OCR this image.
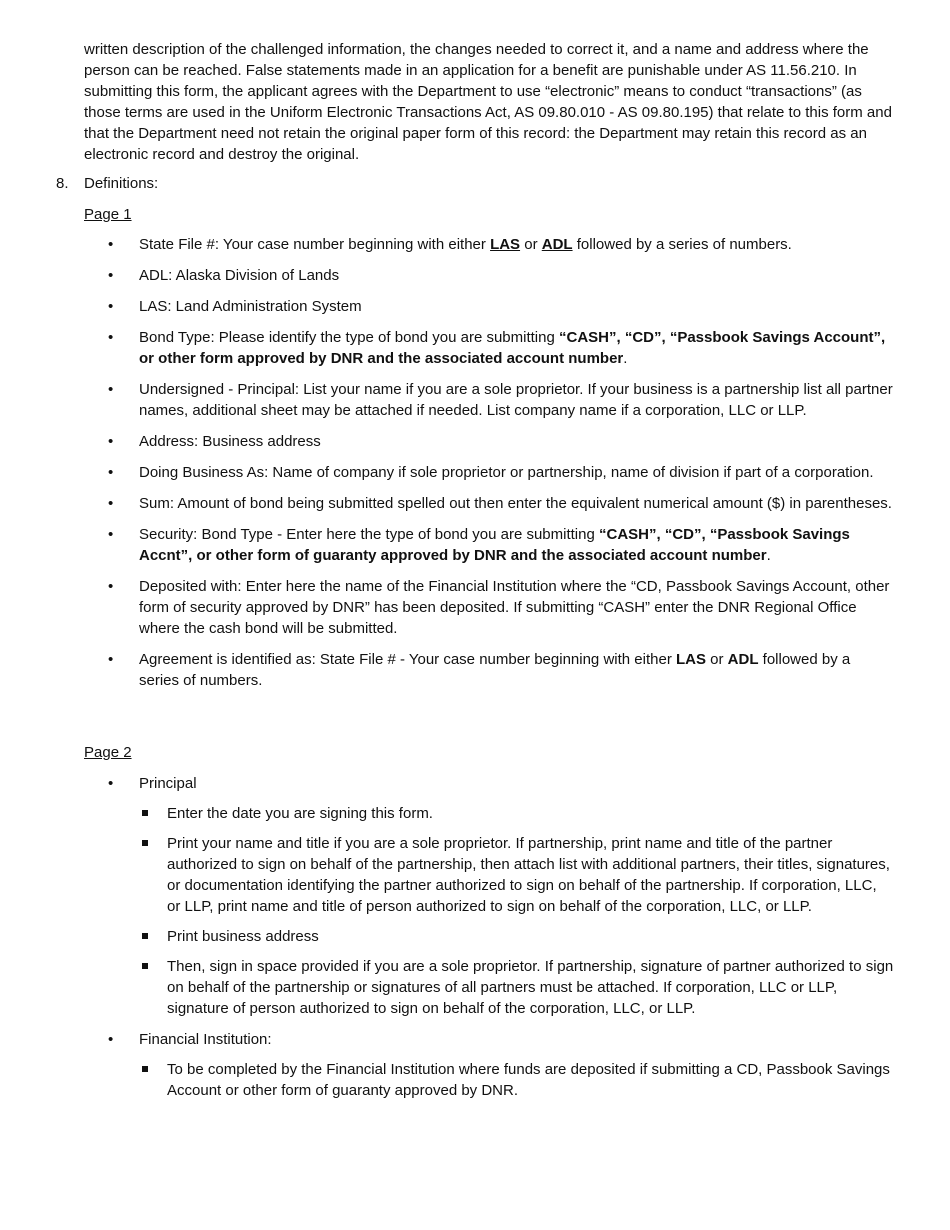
written description of the challenged information, the changes needed to correct it, and a name and address where the person can be reached. False statements made in an application for a benefit are punishable under AS 11.56.210. In submitting this form, the applicant agrees with the Department to use “electronic” means to conduct “transactions” (as those terms are used in the Uniform Electronic Transactions Act, AS 09.80.010 - AS 09.80.195) that relate to this form and that the Department need not retain the original paper form of this record: the Department may retain this record as an electronic record and destroy the original.

8. Definitions:

Page 1

•	State File #: Your case number beginning with either LAS or ADL followed by a series of numbers.
•	ADL: Alaska Division of Lands
•	LAS: Land Administration System
•	Bond Type: Please identify the type of bond you are submitting “CASH”, “CD”, “Passbook Savings Account”, or other form approved by DNR and the associated account number.
•	Undersigned - Principal: List your name if you are a sole proprietor. If your business is a partnership list all partner names, additional sheet may be attached if needed. List company name if a corporation, LLC or LLP.
•	Address: Business address
•	Doing Business As: Name of company if sole proprietor or partnership, name of division if part of a corporation.
•	Sum: Amount of bond being submitted spelled out then enter the equivalent numerical amount ($) in parentheses.
•	Security: Bond Type - Enter here the type of bond you are submitting “CASH”, “CD”, “Passbook Savings Accnt”, or other form of guaranty approved by DNR and the associated account number.
•	Deposited with: Enter here the name of the Financial Institution where the “CD, Passbook Savings Account, other form of security approved by DNR” has been deposited. If submitting “CASH” enter the DNR Regional Office where the cash bond will be submitted.
•	Agreement is identified as: State File # - Your case number beginning with either LAS or ADL followed by a series of numbers.

Page 2

•	Principal
Enter the date you are signing this form.
Print your name and title if you are a sole proprietor. If partnership, print name and title of the partner authorized to sign on behalf of the partnership, then attach list with additional partners, their titles, signatures, or documentation identifying the partner authorized to sign on behalf of the partnership. If corporation, LLC, or LLP, print name and title of person authorized to sign on behalf of the corporation, LLC, or LLP.
Print business address
Then, sign in space provided if you are a sole proprietor. If partnership, signature of partner authorized to sign on behalf of the partnership or signatures of all partners must be attached. If corporation, LLC or LLP, signature of person authorized to sign on behalf of the corporation, LLC, or LLP.
•	Financial Institution:
To be completed by the Financial Institution where funds are deposited if submitting a CD, Passbook Savings Account or other form of guaranty approved by DNR.
